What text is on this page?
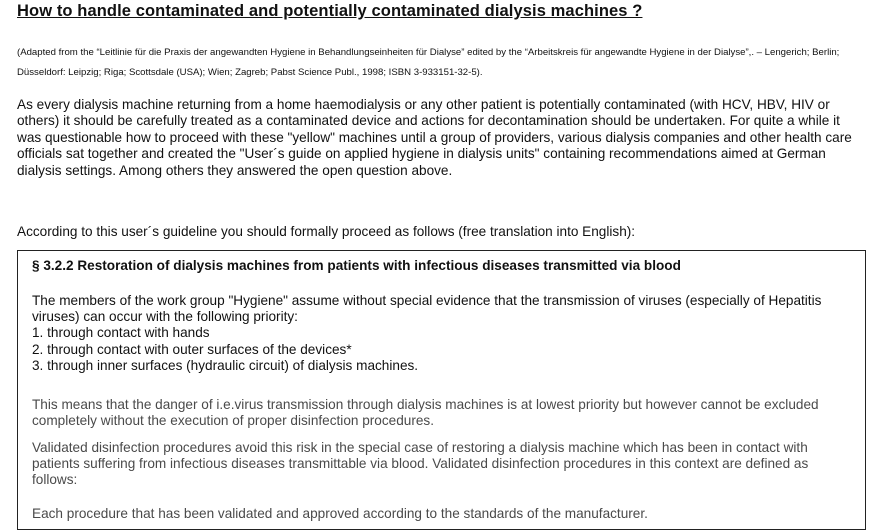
How to handle contaminated and potentially contaminated dialysis machines ?

(Adapted from the “Leitlinie für die Praxis der angewandten Hygiene in Behandlungseinheiten für Dialyse” edited by the “Arbeitskreis für angewandte Hygiene in der Dialyse”,. – Lengerich; Berlin; Düsseldorf: Leipzig; Riga; Scottsdale (USA); Wien; Zagreb; Pabst Science Publ., 1998; ISBN 3-933151-32-5).

As every dialysis machine returning from a home haemodialysis or any other patient is potentially contaminated (with HCV, HBV, HIV or others) it should be carefully treated as a contaminated device and actions for decontamination should be undertaken. For quite a while it was questionable how to proceed with these "yellow" machines until a group of providers, various dialysis companies and other health care officials sat together and created the "User´s guide on applied hygiene in dialysis units" containing recommendations aimed at German dialysis settings. Among others they answered the open question above.

According to this user´s guideline you should formally proceed as follows (free translation into English):

§ 3.2.2 Restoration of dialysis machines from patients with infectious diseases transmitted via blood

The members of the work group "Hygiene" assume without special evidence that the transmission of viruses (especially of Hepatitis viruses) can occur with the following priority:
1. through contact with hands
2. through contact with outer surfaces of the devices*
3. through inner surfaces (hydraulic circuit) of dialysis machines.

This means that the danger of i.e.virus transmission through dialysis machines is at lowest priority but however cannot be excluded completely without the execution of proper disinfection procedures.

Validated disinfection procedures avoid this risk in the special case of restoring a dialysis machine which has been in contact with patients suffering from infectious diseases transmittable via blood. Validated disinfection procedures in this context are defined as follows:

Each procedure that has been validated and approved according to the standards of the manufacturer.
